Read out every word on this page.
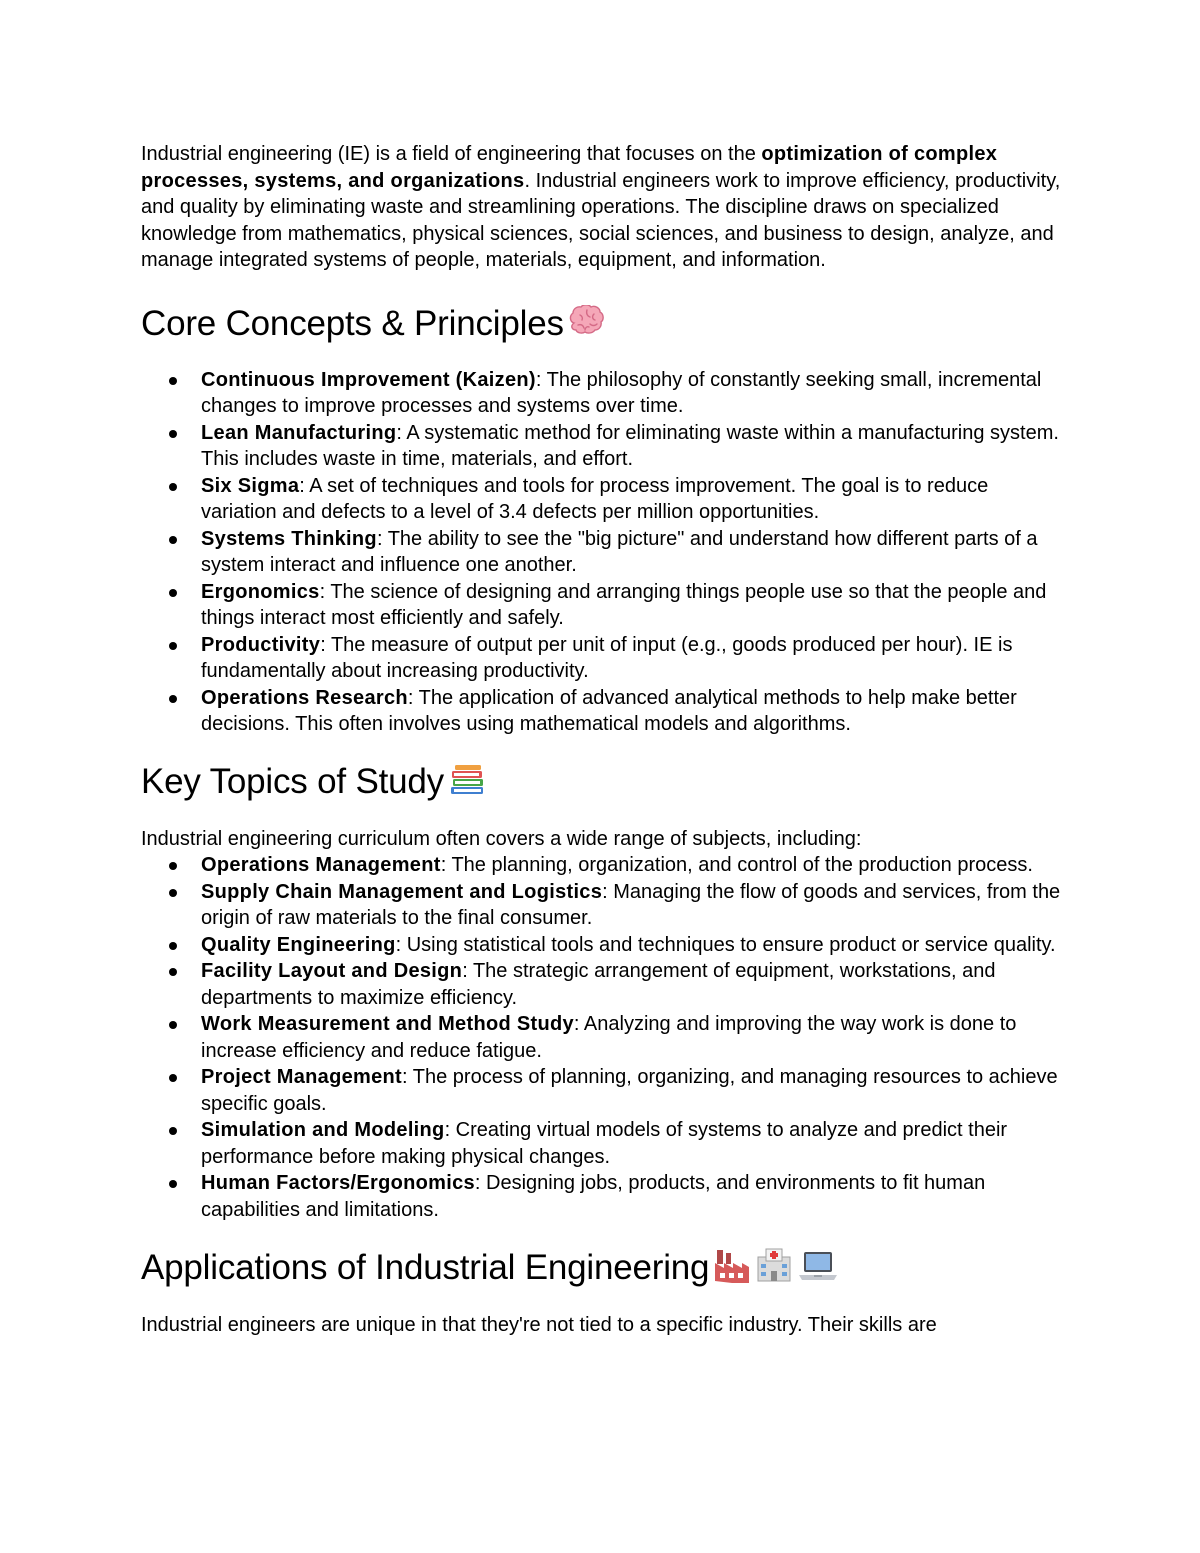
Industrial engineering (IE) is a field of engineering that focuses on the optimization of complex processes, systems, and organizations. Industrial engineers work to improve efficiency, productivity, and quality by eliminating waste and streamlining operations. The discipline draws on specialized knowledge from mathematics, physical sciences, social sciences, and business to design, analyze, and manage integrated systems of people, materials, equipment, and information.

Core Concepts & Principles
Continuous Improvement (Kaizen): The philosophy of constantly seeking small, incremental changes to improve processes and systems over time.
Lean Manufacturing: A systematic method for eliminating waste within a manufacturing system. This includes waste in time, materials, and effort.
Six Sigma: A set of techniques and tools for process improvement. The goal is to reduce variation and defects to a level of 3.4 defects per million opportunities.
Systems Thinking: The ability to see the "big picture" and understand how different parts of a system interact and influence one another.
Ergonomics: The science of designing and arranging things people use so that the people and things interact most efficiently and safely.
Productivity: The measure of output per unit of input (e.g., goods produced per hour). IE is fundamentally about increasing productivity.
Operations Research: The application of advanced analytical methods to help make better decisions. This often involves using mathematical models and algorithms.
Key Topics of Study

Industrial engineering curriculum often covers a wide range of subjects, including:

Operations Management: The planning, organization, and control of the production process.
Supply Chain Management and Logistics: Managing the flow of goods and services, from the origin of raw materials to the final consumer.
Quality Engineering: Using statistical tools and techniques to ensure product or service quality.
Facility Layout and Design: The strategic arrangement of equipment, workstations, and departments to maximize efficiency.
Work Measurement and Method Study: Analyzing and improving the way work is done to increase efficiency and reduce fatigue.
Project Management: The process of planning, organizing, and managing resources to achieve specific goals.
Simulation and Modeling: Creating virtual models of systems to analyze and predict their performance before making physical changes.
Human Factors/Ergonomics: Designing jobs, products, and environments to fit human capabilities and limitations.
Applications of Industrial Engineering

Industrial engineers are unique in that they're not tied to a specific industry. Their skills are
